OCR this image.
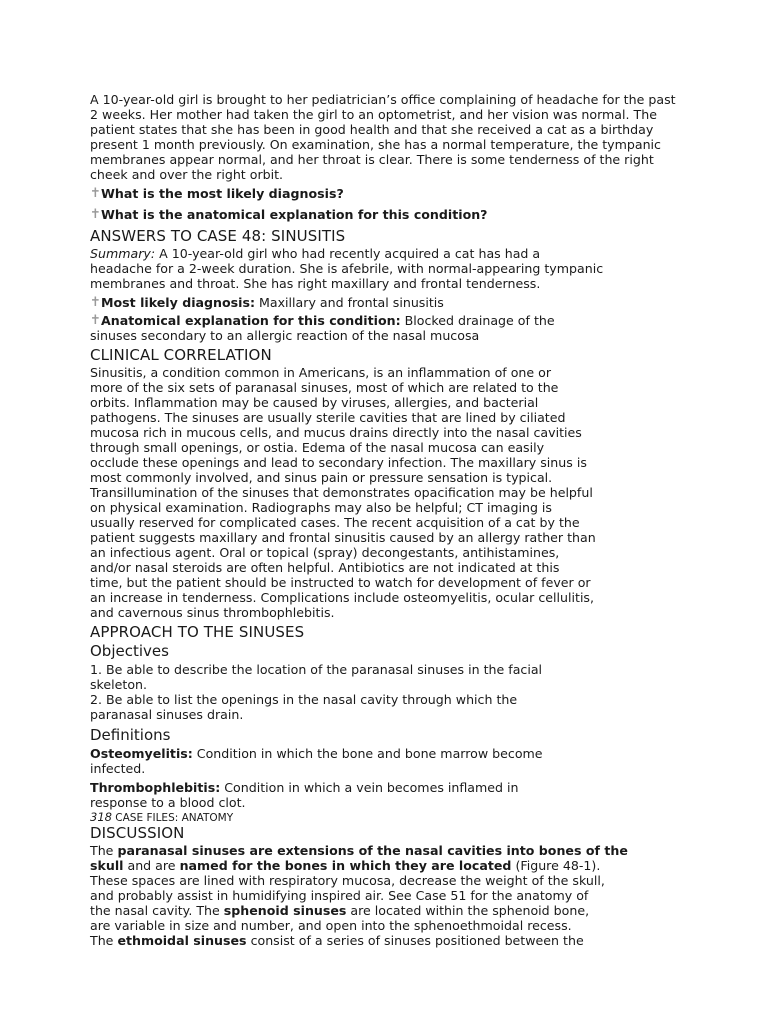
A 10-year-old girl is brought to her pediatrician’s office complaining of headache for the past
2 weeks. Her mother had taken the girl to an optometrist, and her vision was normal. The
patient states that she has been in good health and that she received a cat as a birthday
present 1 month previously. On examination, she has a normal temperature, the tympanic
membranes appear normal, and her throat is clear. There is some tenderness of the right
cheek and over the right orbit.
✝What is the most likely diagnosis?
✝What is the anatomical explanation for this condition?
ANSWERS TO CASE 48: SINUSITIS
Summary: A 10-year-old girl who had recently acquired a cat has had a
headache for a 2-week duration. She is afebrile, with normal-appearing tympanic
membranes and throat. She has right maxillary and frontal tenderness.
✝Most likely diagnosis: Maxillary and frontal sinusitis
✝Anatomical explanation for this condition: Blocked drainage of the
sinuses secondary to an allergic reaction of the nasal mucosa
CLINICAL CORRELATION
Sinusitis, a condition common in Americans, is an inflammation of one or
more of the six sets of paranasal sinuses, most of which are related to the
orbits. Inflammation may be caused by viruses, allergies, and bacterial
pathogens. The sinuses are usually sterile cavities that are lined by ciliated
mucosa rich in mucous cells, and mucus drains directly into the nasal cavities
through small openings, or ostia. Edema of the nasal mucosa can easily
occlude these openings and lead to secondary infection. The maxillary sinus is
most commonly involved, and sinus pain or pressure sensation is typical.
Transillumination of the sinuses that demonstrates opacification may be helpful
on physical examination. Radiographs may also be helpful; CT imaging is
usually reserved for complicated cases. The recent acquisition of a cat by the
patient suggests maxillary and frontal sinusitis caused by an allergy rather than
an infectious agent. Oral or topical (spray) decongestants, antihistamines,
and/or nasal steroids are often helpful. Antibiotics are not indicated at this
time, but the patient should be instructed to watch for development of fever or
an increase in tenderness. Complications include osteomyelitis, ocular cellulitis,
and cavernous sinus thrombophlebitis.
APPROACH TO THE SINUSES
Objectives
1. Be able to describe the location of the paranasal sinuses in the facial
skeleton.
2. Be able to list the openings in the nasal cavity through which the
paranasal sinuses drain.
Definitions
Osteomyelitis: Condition in which the bone and bone marrow become
infected.
Thrombophlebitis: Condition in which a vein becomes inflamed in
response to a blood clot.
318 CASE FILES: ANATOMY
DISCUSSION
The paranasal sinuses are extensions of the nasal cavities into bones of the
skull and are named for the bones in which they are located (Figure 48-1).
These spaces are lined with respiratory mucosa, decrease the weight of the skull,
and probably assist in humidifying inspired air. See Case 51 for the anatomy of
the nasal cavity. The sphenoid sinuses are located within the sphenoid bone,
are variable in size and number, and open into the sphenoethmoidal recess.
The ethmoidal sinuses consist of a series of sinuses positioned between the
